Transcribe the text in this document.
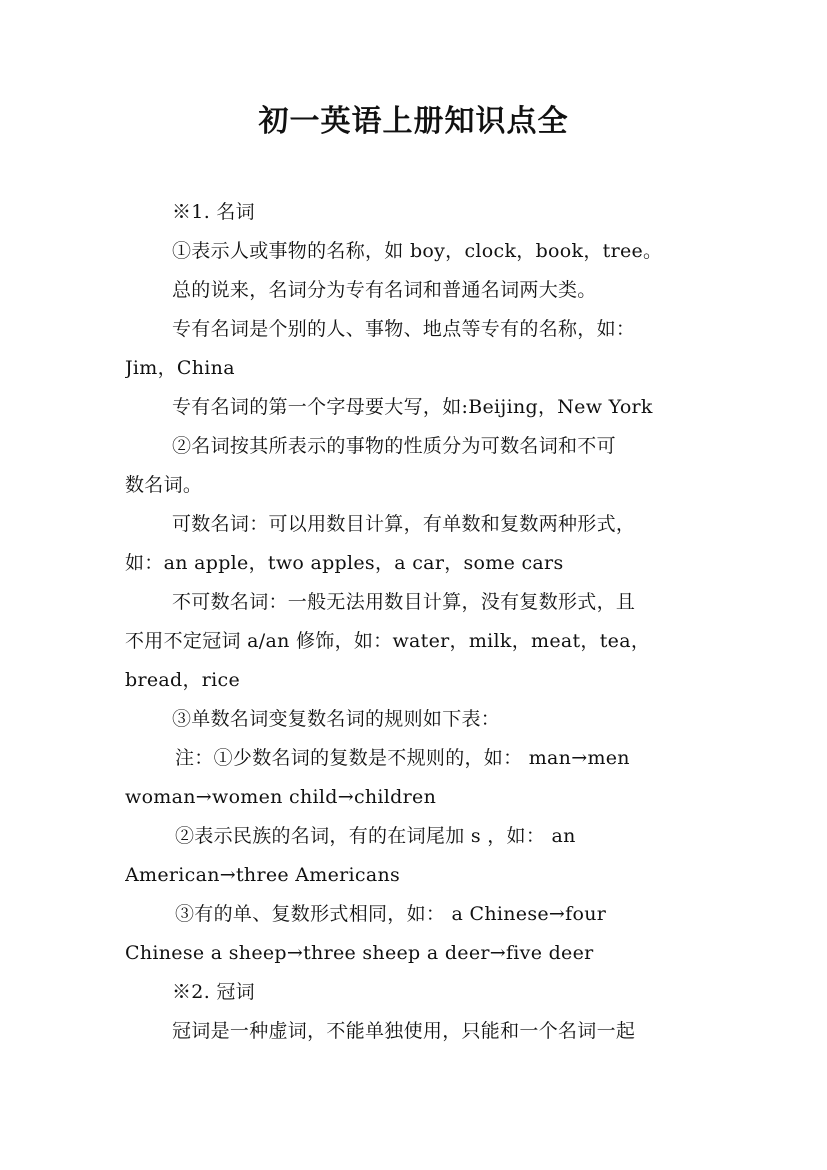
初一英语上册知识点全
※1. 名词
①表示人或事物的名称，如 boy，clock，book，tree。
总的说来，名词分为专有名词和普通名词两大类。
专有名词是个别的人、事物、地点等专有的名称，如：
Jim，China
专有名词的第一个字母要大写，如:Beijing，New York
②名词按其所表示的事物的性质分为可数名词和不可
数名词。
可数名词：可以用数目计算，有单数和复数两种形式，
如：an apple，two apples，a car，some cars
不可数名词：一般无法用数目计算，没有复数形式，且
不用不定冠词 a/an 修饰，如：water，milk，meat，tea，
bread，rice
③单数名词变复数名词的规则如下表：
注：①少数名词的复数是不规则的，如： man→men
woman→women child→children
②表示民族的名词，有的在词尾加 s ，如： an
American→three Americans
③有的单、复数形式相同，如： a Chinese→four
Chinese a sheep→three sheep a deer→five deer
※2. 冠词
冠词是一种虚词，不能单独使用，只能和一个名词一起
